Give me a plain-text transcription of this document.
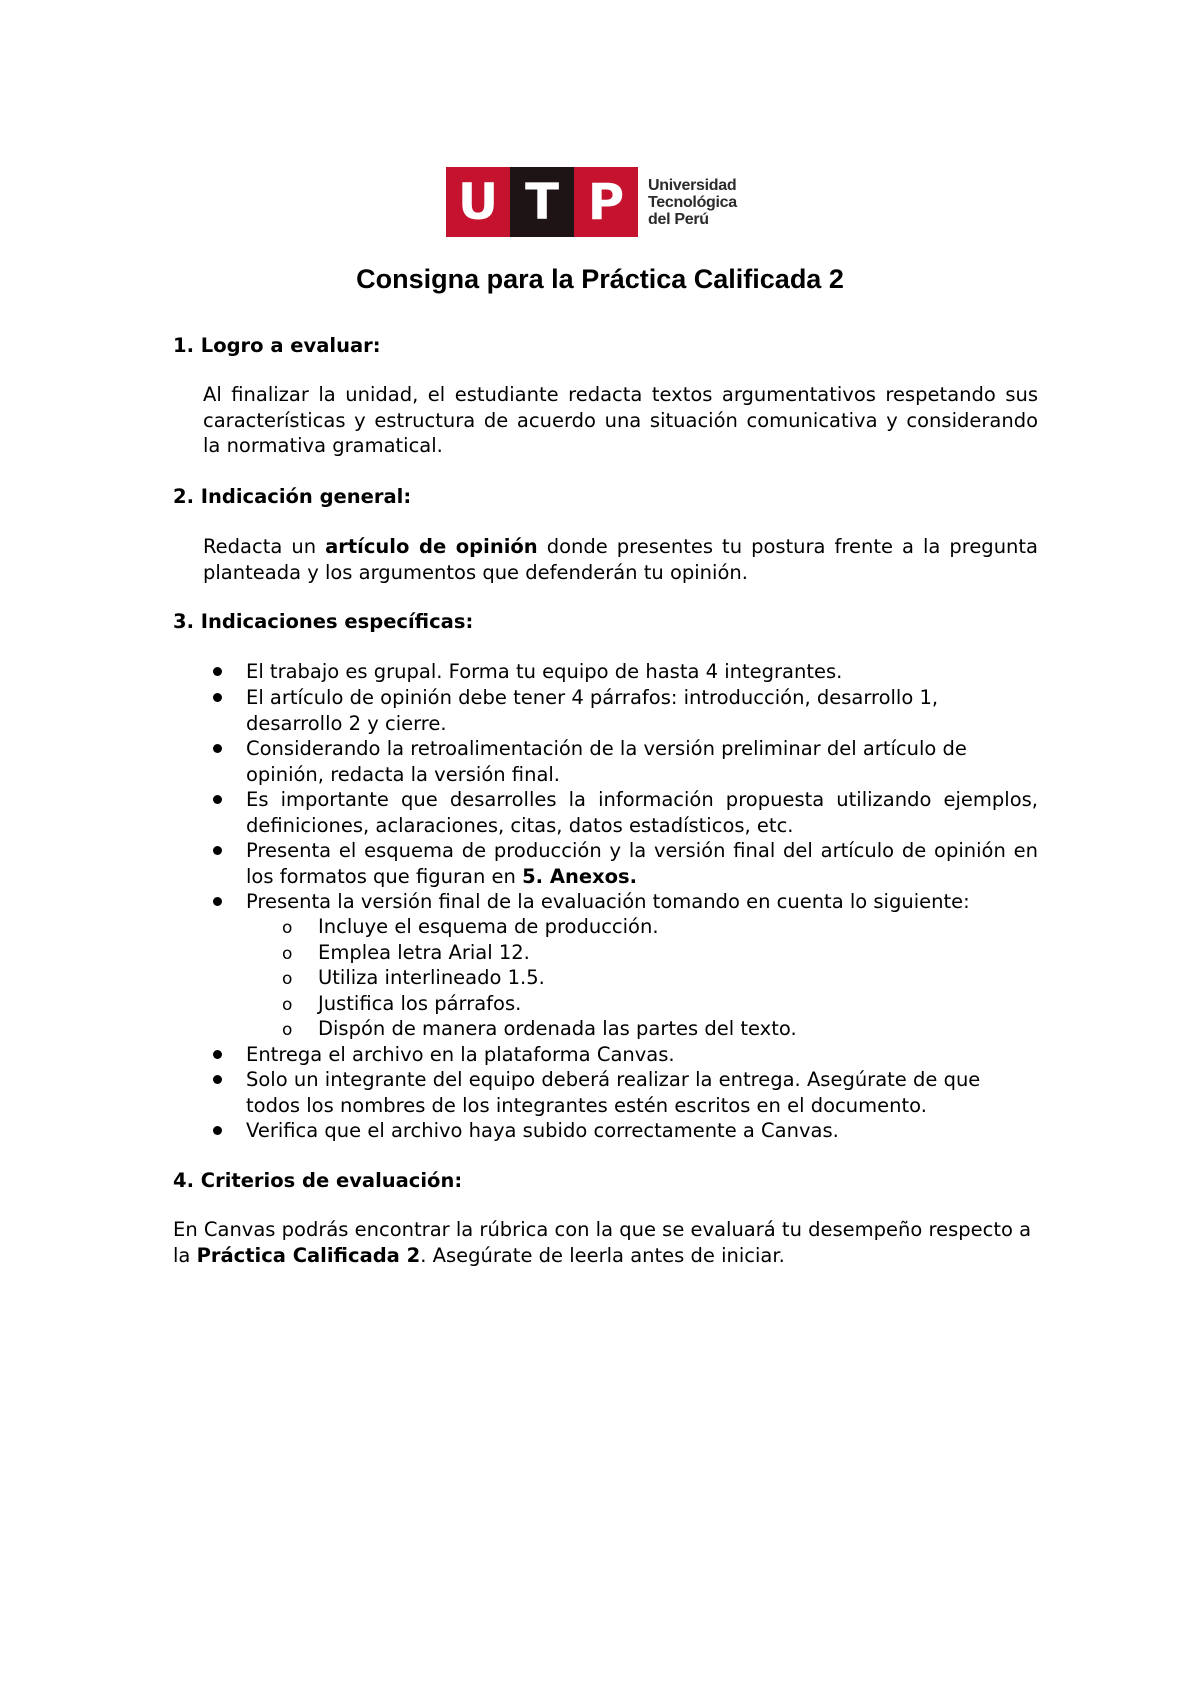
U T P	Universidad
Tecnológica
del Perú
Consigna para la Práctica Calificada 2
1. Logro a evaluar:
Al finalizar la unidad, el estudiante redacta textos argumentativos respetando sus características y estructura de acuerdo una situación comunicativa y considerando la normativa gramatical.
2. Indicación general:
Redacta un artículo de opinión donde presentes tu postura frente a la pregunta planteada y los argumentos que defenderán tu opinión.
3. Indicaciones específicas:
El trabajo es grupal. Forma tu equipo de hasta 4 integrantes.
El artículo de opinión debe tener 4 párrafos: introducción, desarrollo 1, desarrollo 2 y cierre.
Considerando la retroalimentación de la versión preliminar del artículo de opinión, redacta la versión final.
Es importante que desarrolles la información propuesta utilizando ejemplos, definiciones, aclaraciones, citas, datos estadísticos, etc.
Presenta el esquema de producción y la versión final del artículo de opinión en los formatos que figuran en 5. Anexos.
Presenta la versión final de la evaluación tomando en cuenta lo siguiente:
o Incluye el esquema de producción.
o Emplea letra Arial 12.
o Utiliza interlineado 1.5.
o Justifica los párrafos.
o Dispón de manera ordenada las partes del texto.
Entrega el archivo en la plataforma Canvas.
Solo un integrante del equipo deberá realizar la entrega. Asegúrate de que todos los nombres de los integrantes estén escritos en el documento.
Verifica que el archivo haya subido correctamente a Canvas.
4. Criterios de evaluación:
En Canvas podrás encontrar la rúbrica con la que se evaluará tu desempeño respecto a la Práctica Calificada 2. Asegúrate de leerla antes de iniciar.
